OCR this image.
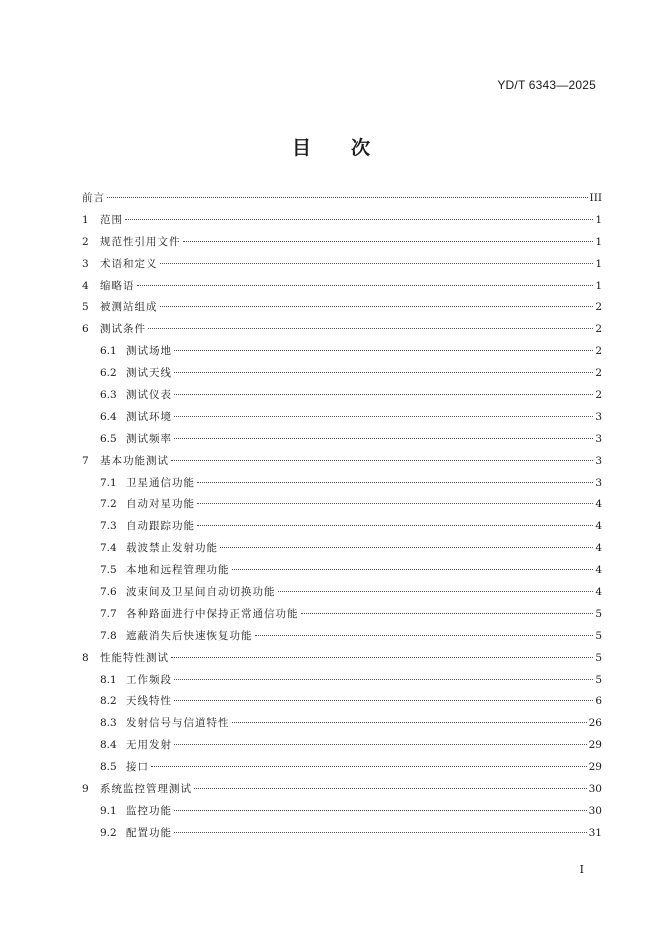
YD/T 6343—2025
目 次
前言	III
1	范围	1
2	规范性引用文件	1
3	术语和定义	1
4	缩略语	1
5	被测站组成	2
6	测试条件	2
6.1 测试场地	2
6.2 测试天线	2
6.3 测试仪表	2
6.4 测试环境	3
6.5 测试频率	3
7	基本功能测试	3
7.1 卫星通信功能	3
7.2 自动对星功能	4
7.3 自动跟踪功能	4
7.4 载波禁止发射功能	4
7.5 本地和远程管理功能	4
7.6 波束间及卫星间自动切换功能	4
7.7 各种路面进行中保持正常通信功能	5
7.8 遮蔽消失后快速恢复功能	5
8	性能特性测试	5
8.1 工作频段	5
8.2 天线特性	6
8.3 发射信号与信道特性	26
8.4 无用发射	29
8.5 接口	29
9	系统监控管理测试	30
9.1 监控功能	30
9.2 配置功能	31
I
